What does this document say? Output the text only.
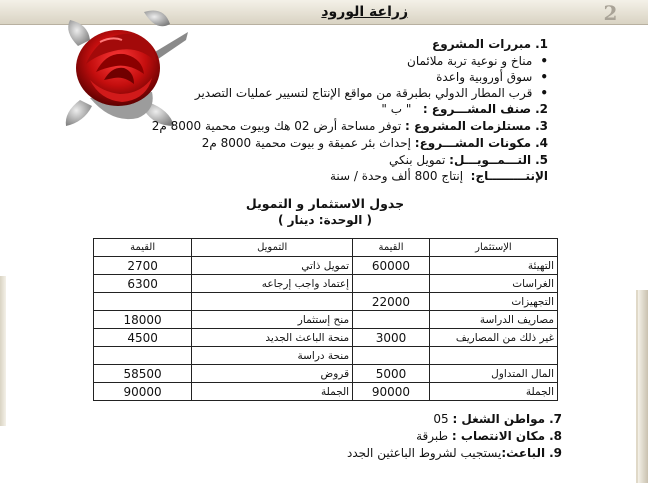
2
زراعة الورود
1.مبررات المشروع
• مناخ و نوعية تربة ملائمان
• سوق أوروبية واعدة
• قرب المطار الدولي بطبرقة من مواقع الإنتاج لتسيير عمليات التصدير
2.صنف المشـــروع :   " ب "
3.مستلزمات المشروع : توفر مساحة أرض 02 هك وبيوت محمية 8000 م2
4.مكونات المشـــروع: إحداث بئر عميقة و بيوت محمية 8000 م2
5.التـــمــويـــل: تمويل بنكي
الإنتـــــــــاج:  إنتاج 800 ألف وحدة / سنة
جدول الاستثمار و التمويل
( الوحدة: دينار )
الإستثمار	القيمة	التمويل	القيمة
التهيئة	60000	تمويل ذاتي	2700
الغراسات		إعتماد واجب إرجاعه	6300
التجهيزات	22000		
مصاريف الدراسة		منح إستثمار	18000
غير ذلك من المصاريف	3000	منحة الباعث الجديد	4500
		منحة دراسة	
المال المتداول	5000	قروض	58500
الجملة	90000	الجملة	90000
7.مواطن الشغل : 05
8.مكان الانتصاب : طبرقة
9.الباعث:يستجيب لشروط الباعثين الجدد
